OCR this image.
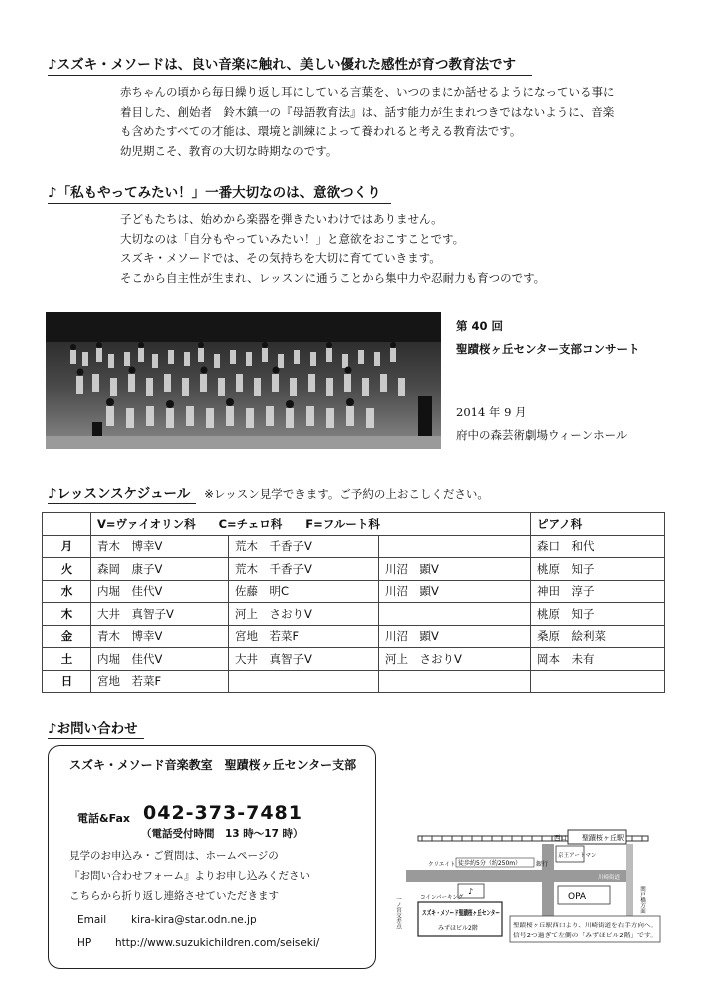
♪スズキ・メソードは、良い音楽に触れ、美しい優れた感性が育つ教育法です
赤ちゃんの頃から毎日繰り返し耳にしている言葉を、いつのまにか話せるようになっている事に
着目した、創始者　鈴木鎮一の『母語教育法』は、話す能力が生まれつきではないように、音楽
も含めたすべての才能は、環境と訓練によって養われると考える教育法です。
幼児期こそ、教育の大切な時期なのです。
♪「私もやってみたい！」一番大切なのは、意欲つくり
子どもたちは、始めから楽器を弾きたいわけではありません。
大切なのは「自分もやっていみたい！」と意欲をおこすことです。
スズキ・メソードでは、その気持ちを大切に育てていきます。
そこから自主性が生まれ、レッスンに通うことから集中力や忍耐力も育つのです。
第 40 回
聖蹟桜ヶ丘センター支部コンサート
2014 年 9 月
府中の森芸術劇場ウィーンホール
♪レッスンスケジュール ※レッスン見学できます。ご予約の上おこしください。
	V=ヴァイオリン科　　C=チェロ科　　F=フルート科			ピアノ科
月	青木　博幸V	荒木　千香子V		森口　和代
火	森岡　康子V	荒木　千香子V	川沼　顕V	桃原　知子
水	内堀　佳代V	佐藤　明C	川沼　顕V	神田　淳子
木	大井　真智子V	河上　さおりV		桃原　知子
金	青木　博幸V	宮地　若菜F	川沼　顕V	桑原　絵利菜
土	内堀　佳代V	大井　真智子V	河上　さおりV	岡本　未有
日	宮地　若菜F			
♪お問い合わせ
スズキ・メソード音楽教室　聖蹟桜ヶ丘センター支部
電話&Fax 042-373-7481
（電話受付時間　13 時〜17 時）
見学のお申込み・ご質問は、ホームページの
『お問い合わせフォーム』よりお申し込みください
こちらから折り返し連絡させていただきます
Email kira-kira@star.odn.ne.jp
HP http://www.suzukichildren.com/seiseki/
聖蹟桜ヶ丘駅
西口
京王アートマン
川崎街道
関戸橋方面
一ノ宮交差点
徒歩約5分（約250m） 銀行
クリエイト
OPA
♪
コインパーキング
スズキ・メソード聖蹟桜ヶ丘センター
みずほビル2階	聖蹟桜ヶ丘駅西口より、川崎街道を右手方向へ。
信号2つ過ぎて左側の「みずほビル2階」です。
